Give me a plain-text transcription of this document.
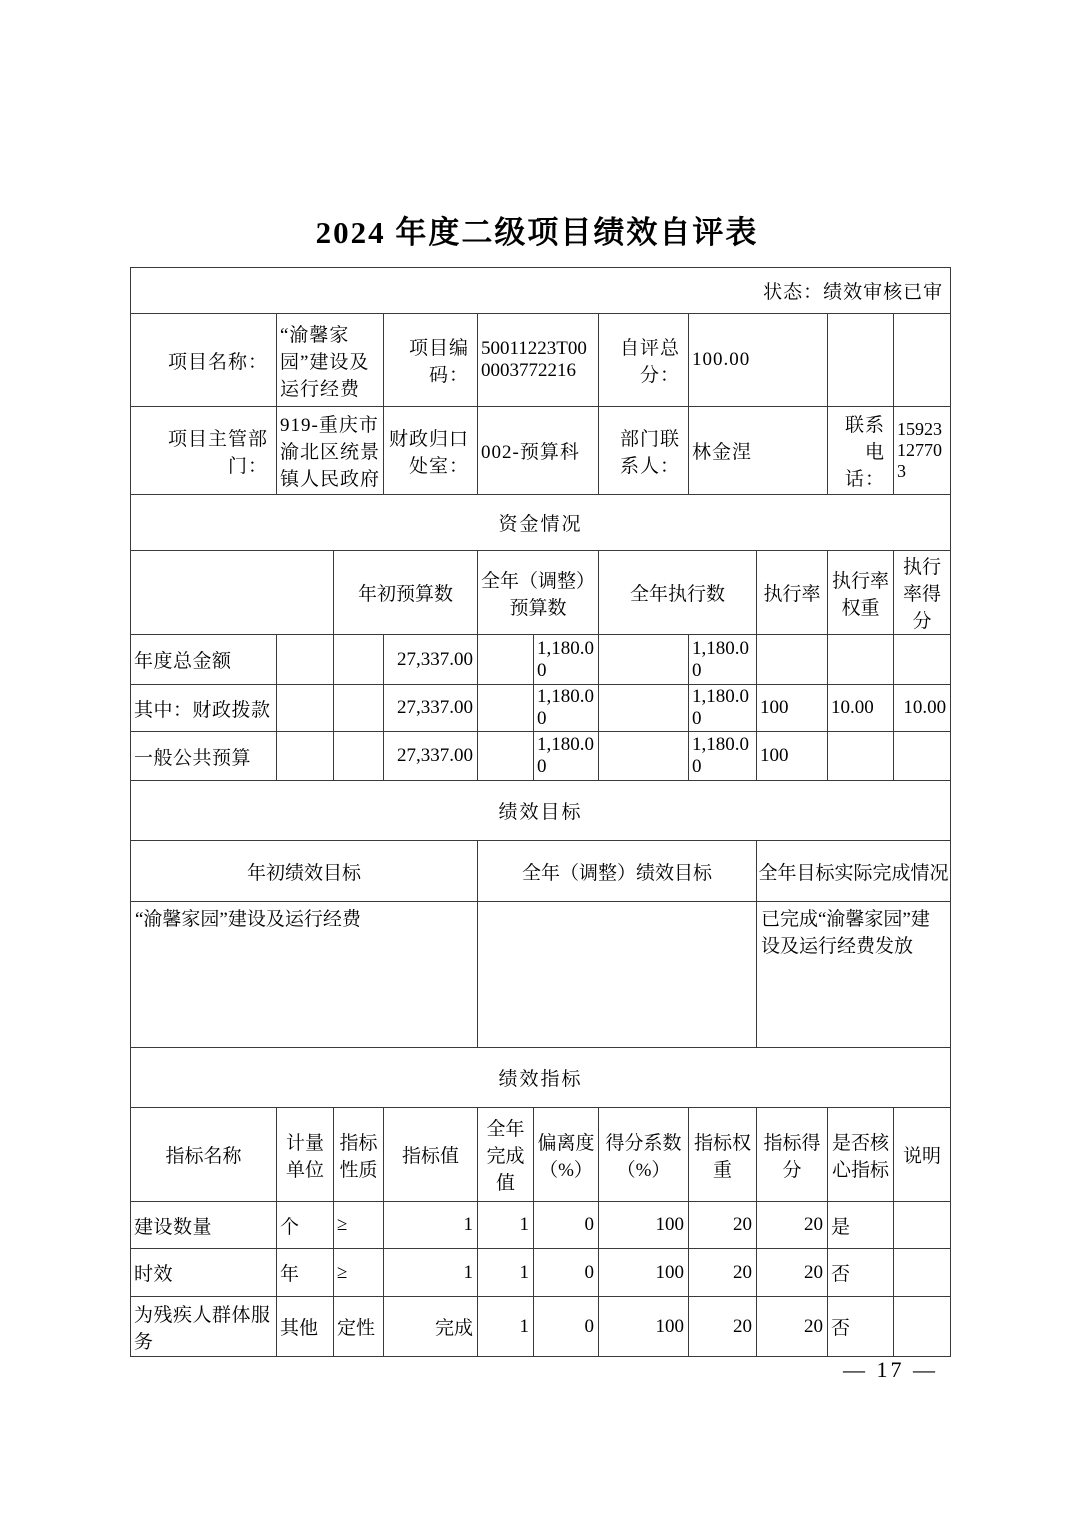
2024 年度二级项目绩效自评表
状态：绩效审核已审										
项目名称：	“渝馨家园”建设及运行经费		项目编码：	50011223T000003772216		自评总分：	100.00			
项目主管部门：	919-重庆市渝北区统景镇人民政府		财政归口处室：	002-预算科		部门联系人：	林金涅		联系电话：	15923127703
资金情况										
		年初预算数		全年（调整）预算数		全年执行数		执行率	执行率权重	执行率得分
年度总金额			27,337.00		1,180.00		1,180.00			
其中：财政拨款			27,337.00		1,180.00		1,180.00	100	10.00	10.00
一般公共预算			27,337.00		1,180.00		1,180.00	100		
绩效目标										
年初绩效目标				全年（调整）绩效目标				全年目标实际完成情况		
“渝馨家园”建设及运行经费								已完成“渝馨家园”建设及运行经费发放		
绩效指标										
指标名称	计量单位	指标性质	指标值	全年完成值	偏离度（%）	得分系数（%）	指标权重	指标得分	是否核心指标	说明
建设数量	个	≥	1	1	0	100	20	20	是	
时效	年	≥	1	1	0	100	20	20	否	
为残疾人群体服务	其他	定性	完成	1	0	100	20	20	否	
— 17 —
